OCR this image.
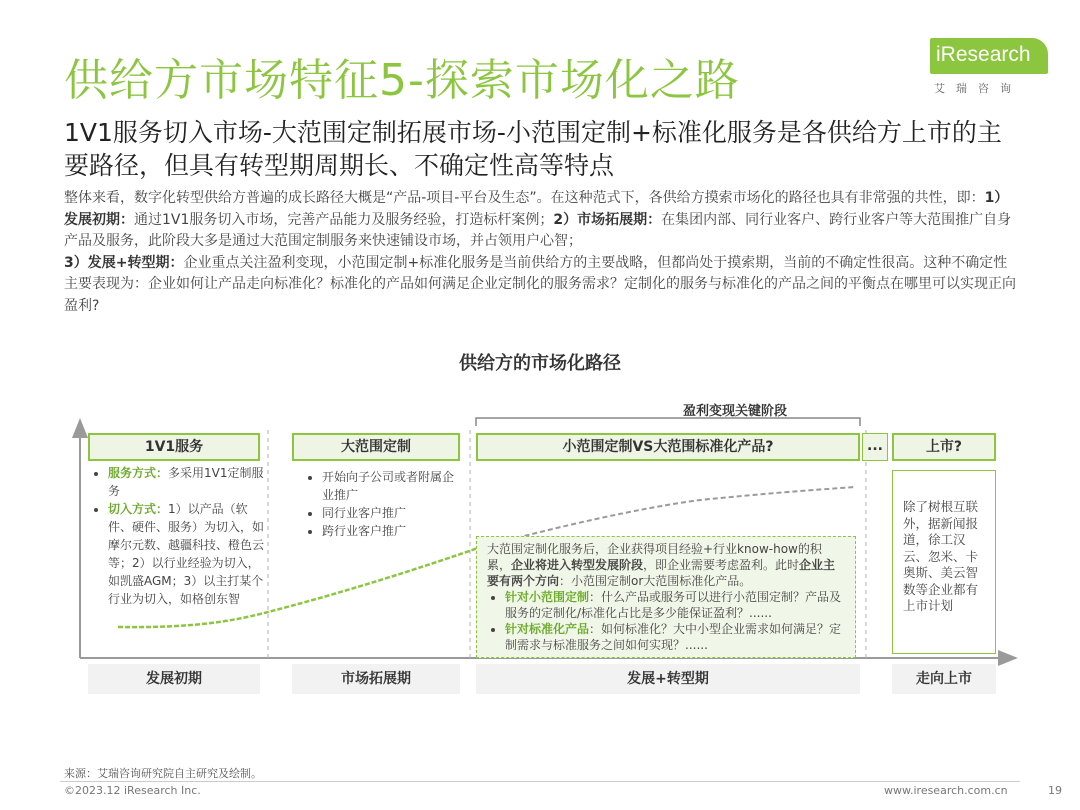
供给方市场特征5-探索市场化之路
iResearch
艾瑞咨询
1V1服务切入市场-大范围定制拓展市场-小范围定制+标准化服务是各供给方上市的主要路径，但具有转型期周期长、不确定性高等特点
整体来看，数字化转型供给方普遍的成长路径大概是“产品-项目-平台及生态”。在这种范式下，各供给方摸索市场化的路径也具有非常强的共性，即：1）发展初期：通过1V1服务切入市场，完善产品能力及服务经验，打造标杆案例；2）市场拓展期：在集团内部、同行业客户、跨行业客户等大范围推广自身产品及服务，此阶段大多是通过大范围定制服务来快速铺设市场，并占领用户心智；
3）发展+转型期：企业重点关注盈利变现，小范围定制+标准化服务是当前供给方的主要战略，但都尚处于摸索期，当前的不确定性很高。这种不确定性主要表现为：企业如何让产品走向标准化？标准化的产品如何满足企业定制化的服务需求？定制化的服务与标准化的产品之间的平衡点在哪里可以实现正向盈利?
供给方的市场化路径
盈利变现关键阶段
1V1服务	大范围定制	小范围定制VS大范围标准化产品?	...	上市?
• 服务方式：多采用1V1定制服务
• 切入方式：1）以产品（软件、硬件、服务）为切入，如摩尔元数、越疆科技、橙色云等；2）以行业经验为切入，如凯盛AGM；3）以主打某个行业为切入，如格创东智
• 开始向子公司或者附属企业推广
• 同行业客户推广
• 跨行业客户推广
大范围定制化服务后，企业获得项目经验+行业know-how的积累，企业将进入转型发展阶段，即企业需要考虑盈利。此时企业主要有两个方向：小范围定制or大范围标准化产品。
• 针对小范围定制：什么产品或服务可以进行小范围定制？产品及服务的定制化/标准化占比是多少能保证盈利？......
• 针对标准化产品：如何标准化？大中小型企业需求如何满足？定制需求与标准服务之间如何实现？......
除了树根互联外，据新闻报道，徐工汉云、忽米、卡奥斯、美云智数等企业都有上市计划
发展初期	市场拓展期	发展+转型期	走向上市
来源：艾瑞咨询研究院自主研究及绘制。
©2023.12 iResearch Inc.	www.iresearch.com.cn	19
